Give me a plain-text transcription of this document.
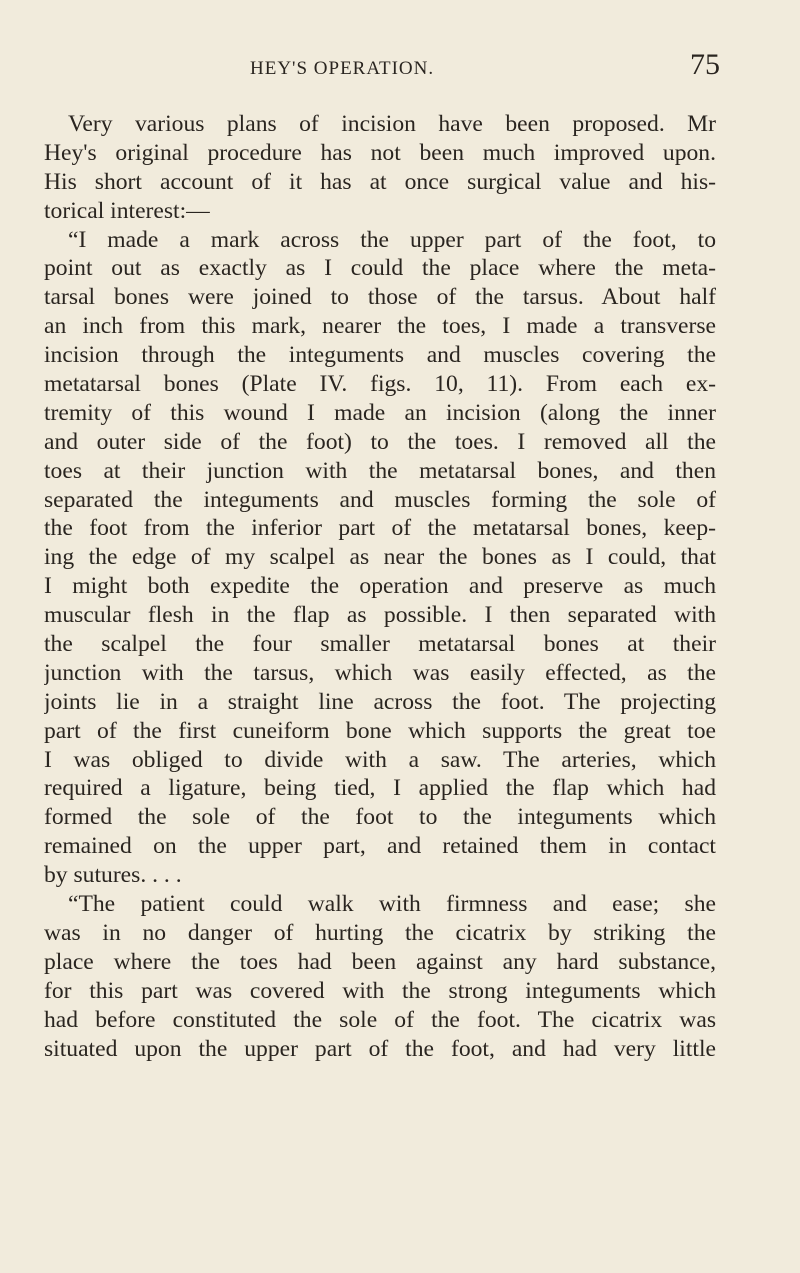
HEY'S OPERATION.	75
Very various plans of incision have been proposed. Mr
Hey's original procedure has not been much improved upon.
His short account of it has at once surgical value and his-
torical interest:—
“I made a mark across the upper part of the foot, to
point out as exactly as I could the place where the meta-
tarsal bones were joined to those of the tarsus. About half
an inch from this mark, nearer the toes, I made a transverse
incision through the integuments and muscles covering the
metatarsal bones (Plate IV. figs. 10, 11). From each ex-
tremity of this wound I made an incision (along the inner
and outer side of the foot) to the toes. I removed all the
toes at their junction with the metatarsal bones, and then
separated the integuments and muscles forming the sole of
the foot from the inferior part of the metatarsal bones, keep-
ing the edge of my scalpel as near the bones as I could, that
I might both expedite the operation and preserve as much
muscular flesh in the flap as possible. I then separated with
the scalpel the four smaller metatarsal bones at their
junction with the tarsus, which was easily effected, as the
joints lie in a straight line across the foot. The projecting
part of the first cuneiform bone which supports the great toe
I was obliged to divide with a saw. The arteries, which
required a ligature, being tied, I applied the flap which had
formed the sole of the foot to the integuments which
remained on the upper part, and retained them in contact
by sutures. . . .
“The patient could walk with firmness and ease; she
was in no danger of hurting the cicatrix by striking the
place where the toes had been against any hard substance,
for this part was covered with the strong integuments which
had before constituted the sole of the foot. The cicatrix was
situated upon the upper part of the foot, and had very little
